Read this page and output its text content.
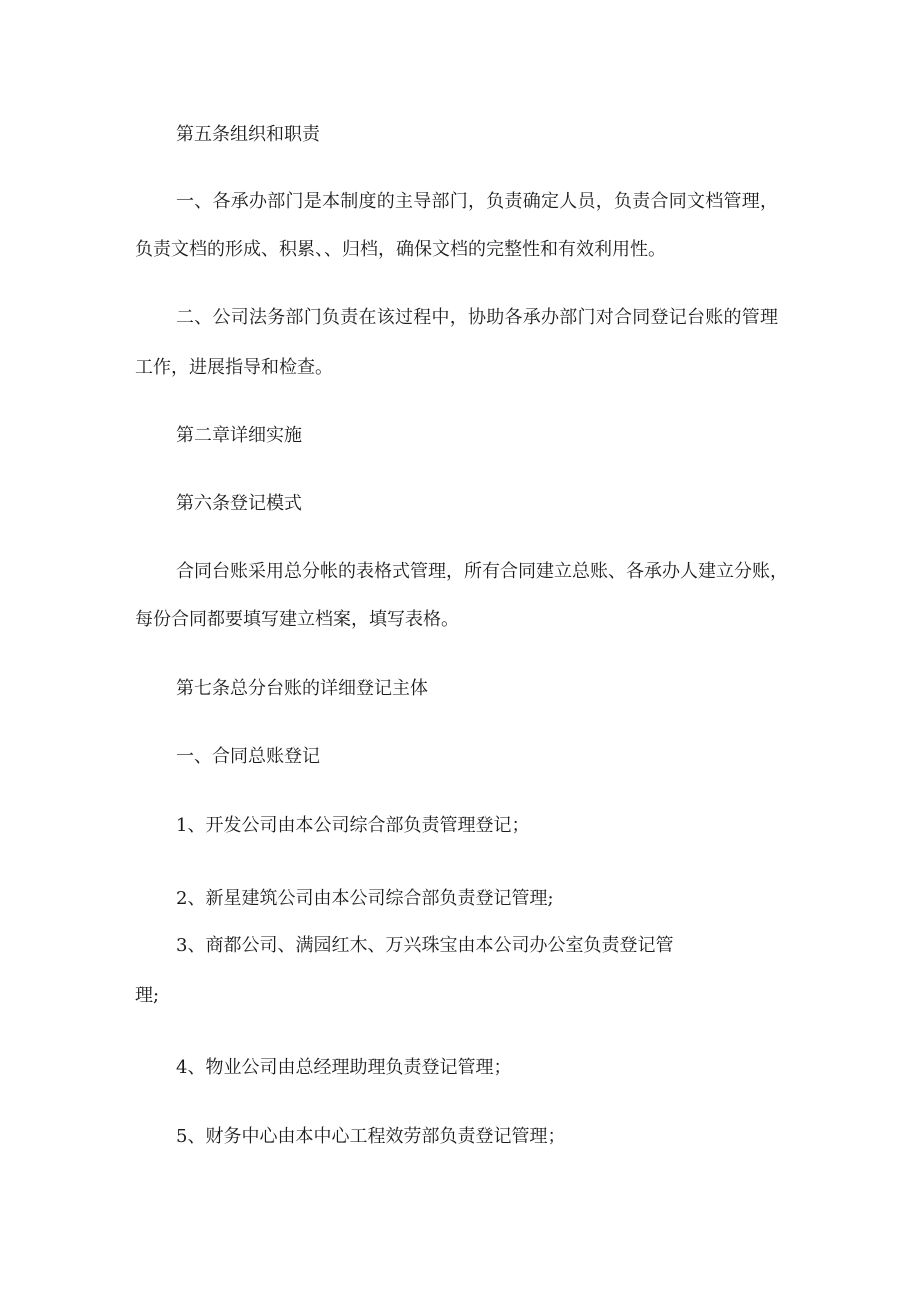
第五条组织和职责
一、各承办部门是本制度的主导部门，负责确定人员，负责合同文档管理，
负责文档的形成、积累、、归档，确保文档的完整性和有效利用性。
二、公司法务部门负责在该过程中，协助各承办部门对合同登记台账的管理
工作，进展指导和检查。
第二章详细实施
第六条登记模式
合同台账采用总分帐的表格式管理，所有合同建立总账、各承办人建立分账，
每份合同都要填写建立档案，填写表格。
第七条总分台账的详细登记主体
一、合同总账登记
1、开发公司由本公司综合部负责管理登记；
2、新星建筑公司由本公司综合部负责登记管理;
3、商都公司、满园红木、万兴珠宝由本公司办公室负责登记管
理;
4、物业公司由总经理助理负责登记管理；
5、财务中心由本中心工程效劳部负责登记管理；
